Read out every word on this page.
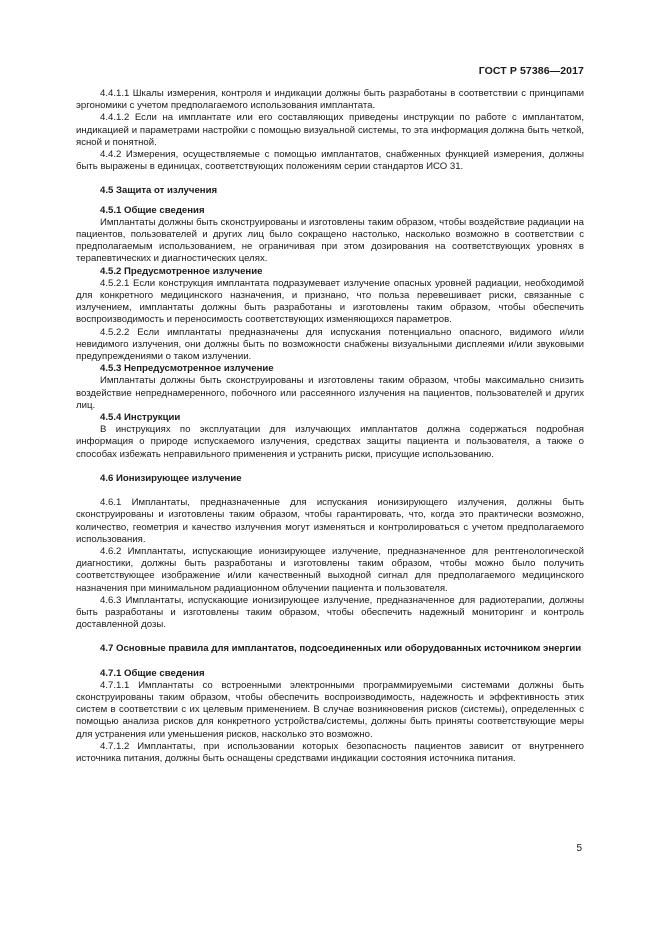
ГОСТ Р 57386—2017

4.4.1.1 Шкалы измерения, контроля и индикации должны быть разработаны в соответствии с принципами эргономики с учетом предполагаемого использования имплантата.

4.4.1.2 Если на имплантате или его составляющих приведены инструкции по работе с имплантатом, индикацией и параметрами настройки с помощью визуальной системы, то эта информация должна быть четкой, ясной и понятной.

4.4.2 Измерения, осуществляемые с помощью имплантатов, снабженных функцией измерения, должны быть выражены в единицах, соответствующих положениям серии стандартов ИСО 31.

4.5 Защита от излучения

4.5.1 Общие сведения

Имплантаты должны быть сконструированы и изготовлены таким образом, чтобы воздействие радиации на пациентов, пользователей и других лиц было сокращено настолько, насколько возможно в соответствии с предполагаемым использованием, не ограничивая при этом дозирования на соответствующих уровнях в терапевтических и диагностических целях.

4.5.2 Предусмотренное излучение

4.5.2.1 Если конструкция имплантата подразумевает излучение опасных уровней радиации, необходимой для конкретного медицинского назначения, и признано, что польза перевешивает риски, связанные с излучением, имплантаты должны быть разработаны и изготовлены таким образом, чтобы обеспечить воспроизводимость и переносимость соответствующих изменяющихся параметров.

4.5.2.2 Если имплантаты предназначены для испускания потенциально опасного, видимого и/или невидимого излучения, они должны быть по возможности снабжены визуальными дисплеями и/или звуковыми предупреждениями о таком излучении.

4.5.3 Непредусмотренное излучение

Имплантаты должны быть сконструированы и изготовлены таким образом, чтобы максимально снизить воздействие непреднамеренного, побочного или рассеянного излучения на пациентов, пользователей и других лиц.

4.5.4 Инструкции

В инструкциях по эксплуатации для излучающих имплантатов должна содержаться подробная информация о природе испускаемого излучения, средствах защиты пациента и пользователя, а также о способах избежать неправильного применения и устранить риски, присущие использованию.

4.6 Ионизирующее излучение

4.6.1 Имплантаты, предназначенные для испускания ионизирующего излучения, должны быть сконструированы и изготовлены таким образом, чтобы гарантировать, что, когда это практически возможно, количество, геометрия и качество излучения могут изменяться и контролироваться с учетом предполагаемого использования.

4.6.2 Имплантаты, испускающие ионизирующее излучение, предназначенное для рентгенологической диагностики, должны быть разработаны и изготовлены таким образом, чтобы можно было получить соответствующее изображение и/или качественный выходной сигнал для предполагаемого медицинского назначения при минимальном радиационном облучении пациента и пользователя.

4.6.3 Имплантаты, испускающие ионизирующее излучение, предназначенное для радиотерапии, должны быть разработаны и изготовлены таким образом, чтобы обеспечить надежный мониторинг и контроль доставленной дозы.

4.7 Основные правила для имплантатов, подсоединенных или оборудованных источником энергии

4.7.1 Общие сведения

4.7.1.1 Имплантаты со встроенными электронными программируемыми системами должны быть сконструированы таким образом, чтобы обеспечить воспроизводимость, надежность и эффективность этих систем в соответствии с их целевым применением. В случае возникновения рисков (системы), определенных с помощью анализа рисков для конкретного устройства/системы, должны быть приняты соответствующие меры для устранения или уменьшения рисков, насколько это возможно.

4.7.1.2 Имплантаты, при использовании которых безопасность пациентов зависит от внутреннего источника питания, должны быть оснащены средствами индикации состояния источника питания.

5
